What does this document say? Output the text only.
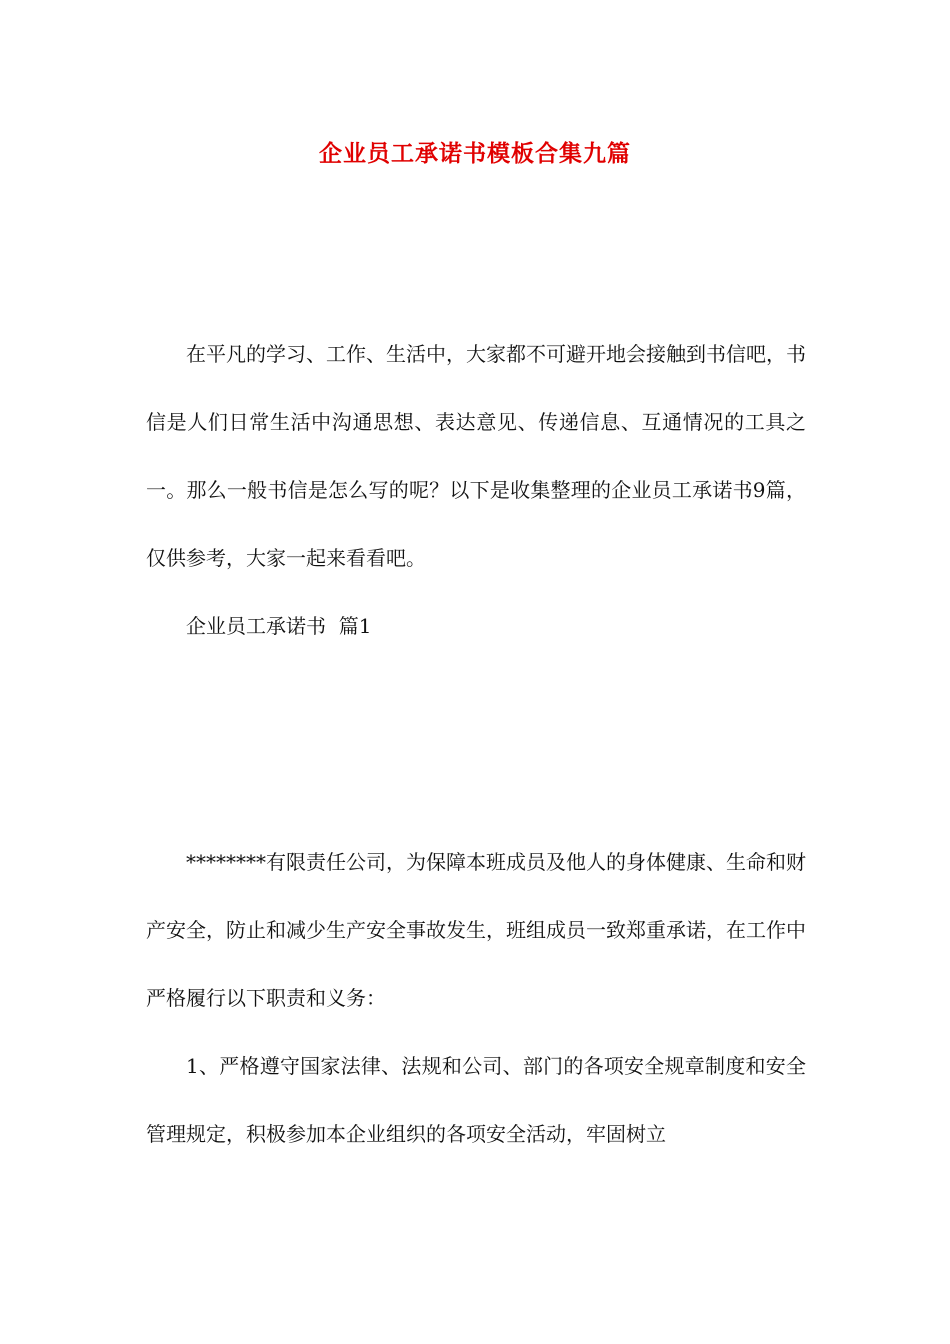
企业员工承诺书模板合集九篇

在平凡的学习、工作、生活中，大家都不可避开地会接触到书信吧，书信是人们日常生活中沟通思想、表达意见、传递信息、互通情况的工具之一。那么一般书信是怎么写的呢？以下是收集整理的企业员工承诺书9篇，仅供参考，大家一起来看看吧。

企业员工承诺书  篇1

********有限责任公司，为保障本班成员及他人的身体健康、生命和财产安全，防止和减少生产安全事故发生，班组成员一致郑重承诺，在工作中严格履行以下职责和义务：

1、严格遵守国家法律、法规和公司、部门的各项安全规章制度和安全管理规定，积极参加本企业组织的各项安全活动，牢固树立
